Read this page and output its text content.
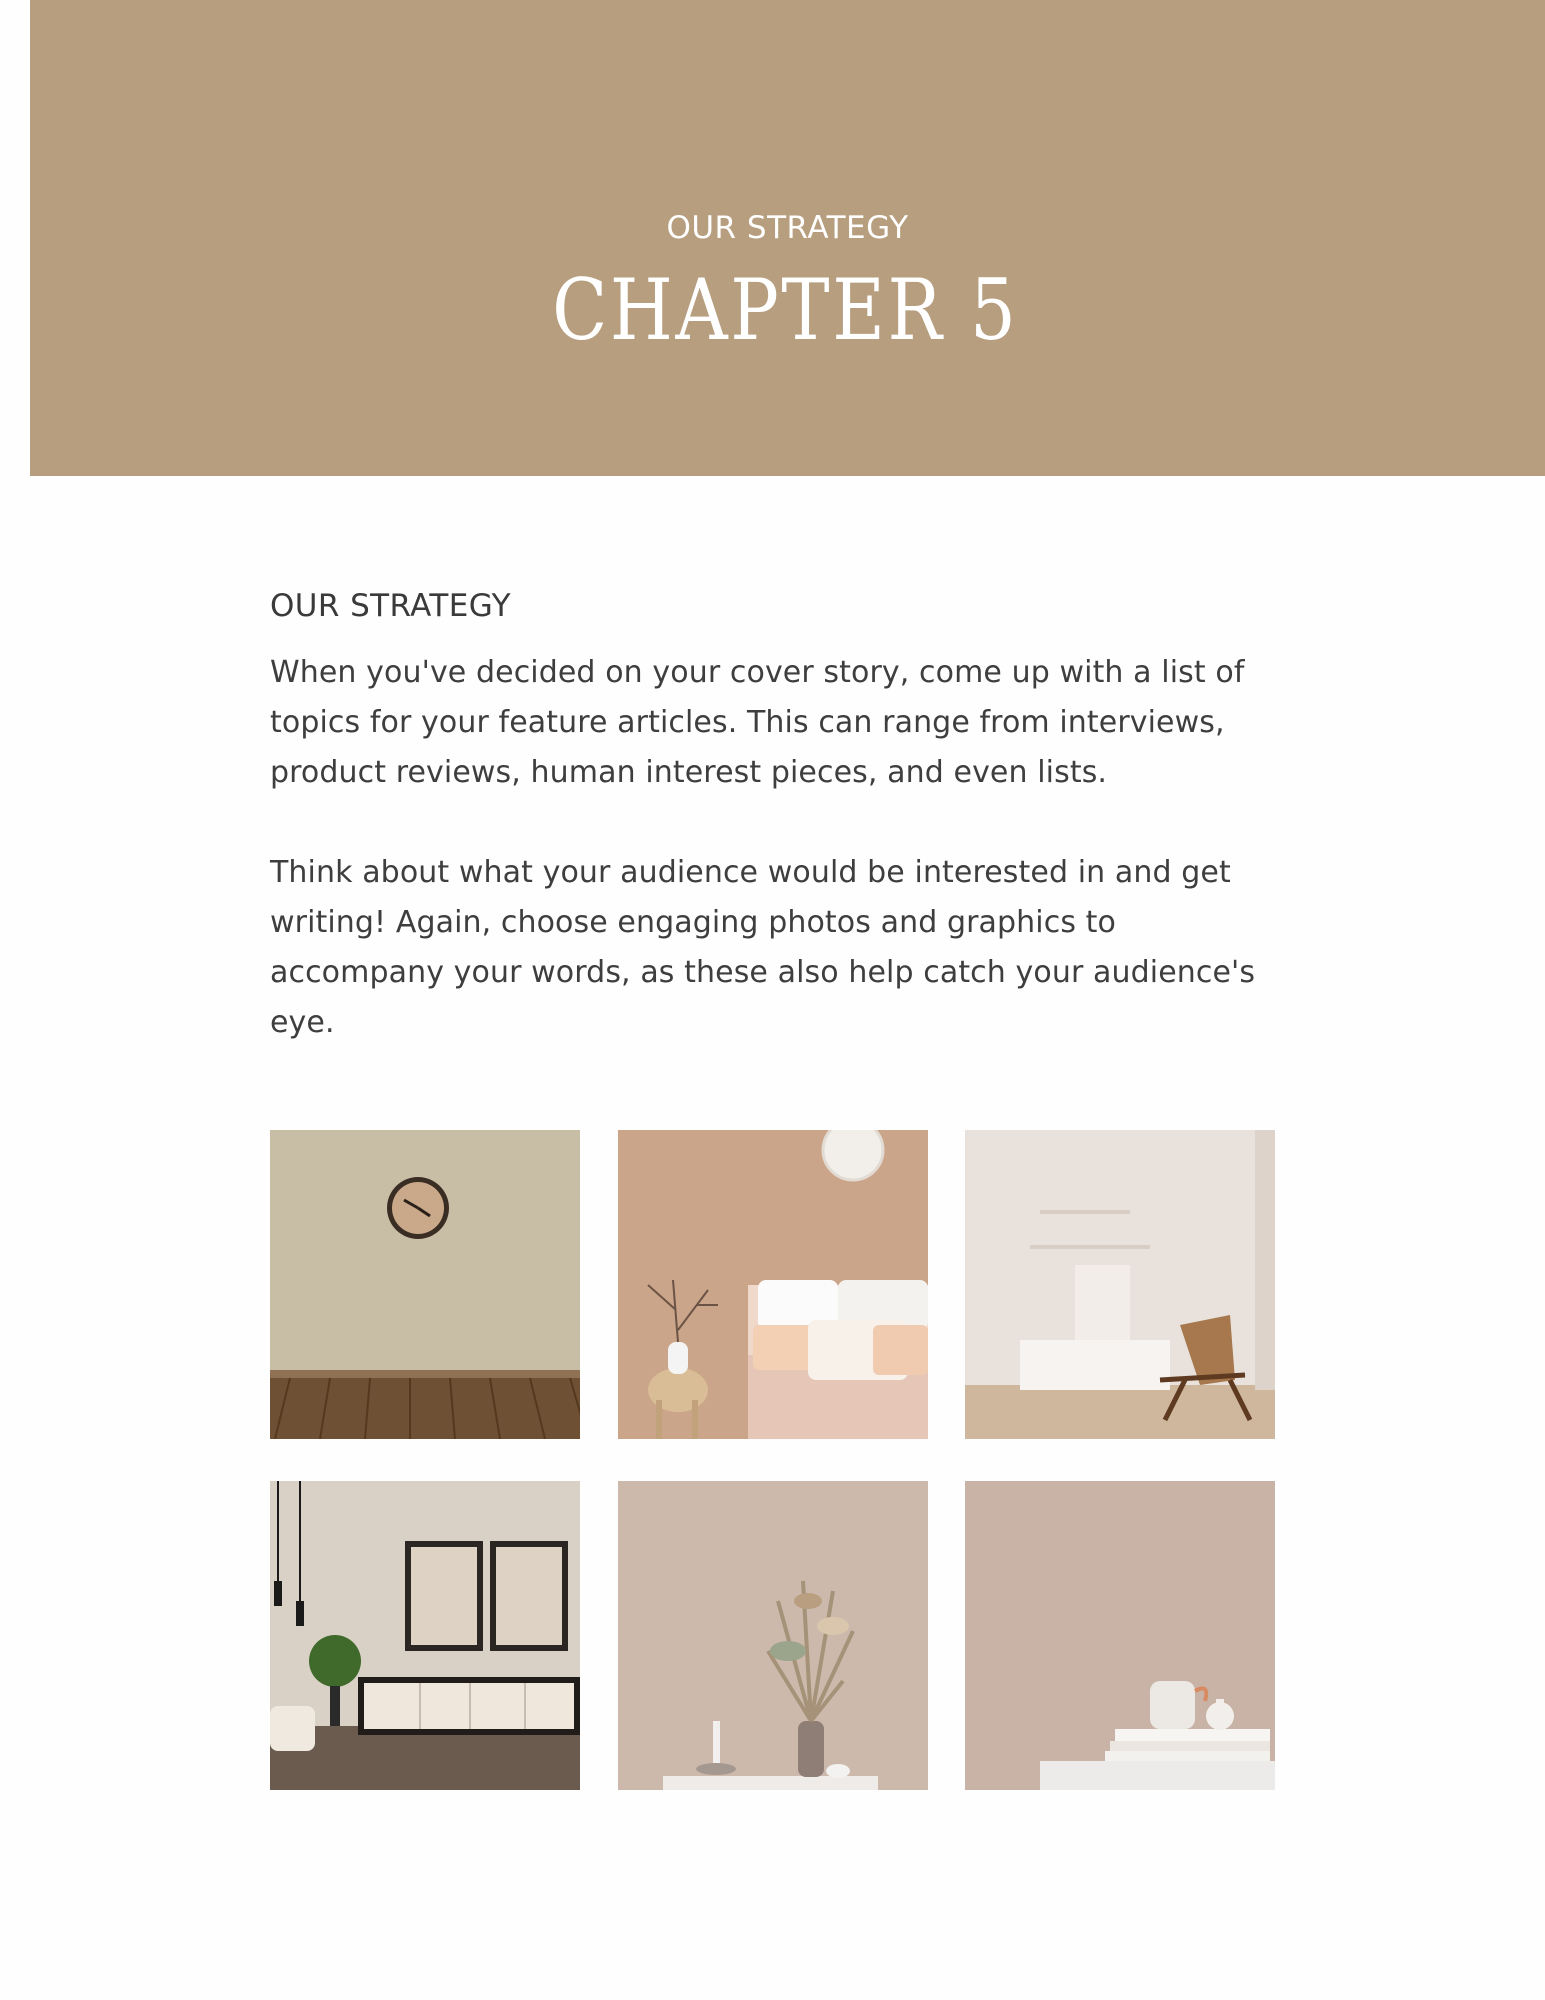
OUR STRATEGY
CHAPTER 5
OUR STRATEGY

When you've decided on your cover story, come up with a list of topics for your feature articles. This can range from interviews, product reviews, human interest pieces, and even lists.

Think about what your audience would be interested in and get writing! Again, choose engaging photos and graphics to accompany your words, as these also help catch your audience's eye.
